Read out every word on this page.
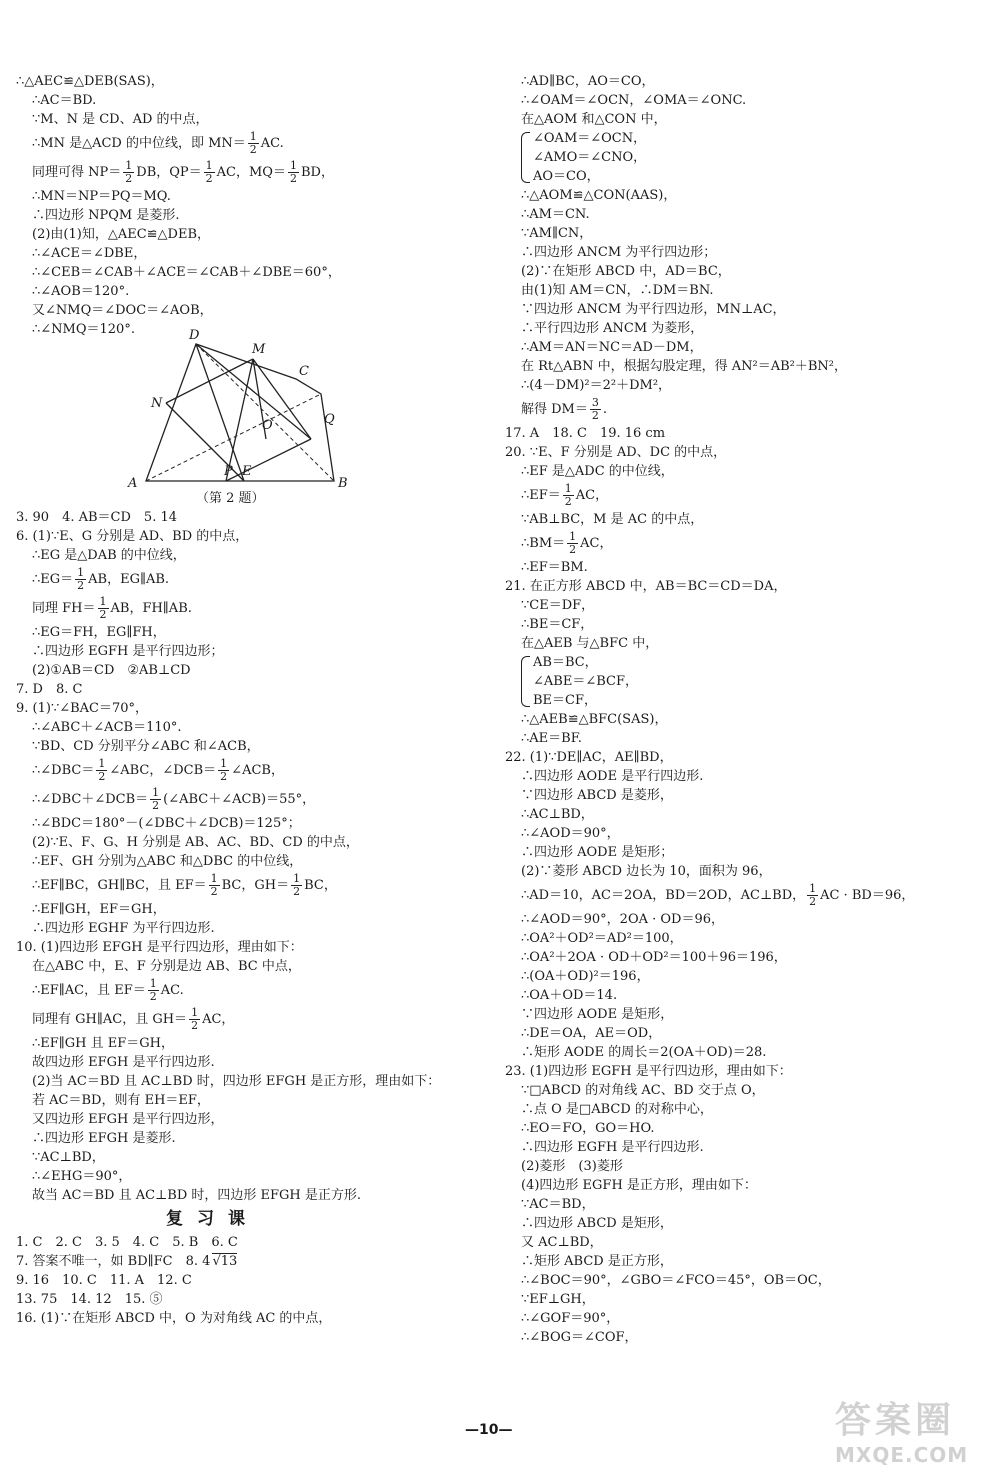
∴△AEC≌△DEB(SAS)，
∴AC＝BD.
∵M、N 是 CD、AD 的中点，
∴MN 是△ACD 的中位线，即 $MN= \frac{1}{2}$ AC.
同理可得 $NP= \frac{1}{2}$ DB，$QP= \frac{1}{2}$ AC，$MQ= \frac{1}{2}$ BD，
∴MN＝NP＝PQ＝MQ.
∴四边形 NPQM 是菱形.
(2)由(1)知，△AEC≌△DEB，
∴∠ACE＝∠DBE，
∴∠CEB＝∠CAB＋∠ACE＝∠CAB＋∠DBE＝60°，
∴∠AOB＝120°.
又∠NMQ＝∠DOC＝∠AOB，
∴∠NMQ＝120°.	D
M
C
N
O	Q
A
P E
B
（第 2 题）
3. 90　4. AB＝CD　5. 14
6. (1)∵E、G 分别是 AD、BD 的中点，
∴EG 是△DAB 的中位线，
∴EG＝ $\frac{1}{2}$ AB，EG∥AB.
同理 $FH= \frac{1}{2}$ AB，FH∥AB.
∴EG＝FH，EG∥FH，
∴四边形 EGFH 是平行四边形；
(2)①AB＝CD　②AB⊥CD
7. D　8. C
9. (1)∵∠BAC＝70°，
∴∠ABC＋∠ACB＝110°.
∵BD、CD 分别平分∠ABC 和∠ACB，
∴∠DBC＝ $\frac{1}{2}$ ∠ABC，∠DCB＝ $\frac{1}{2}$ ∠ACB，
∴∠DBC＋∠DCB＝ $\frac{1}{2}$ (∠ABC＋∠ACB)＝55°，
∴∠BDC＝180°－(∠DBC＋∠DCB)＝125°；
(2)∵E、F、G、H 分别是 AB、AC、BD、CD 的中点，
∴EF、GH 分别为△ABC 和△DBC 的中位线，
∴EF∥BC，GH∥BC，且 $EF= \frac{1}{2}$ BC，$GH= \frac{1}{2}$ BC，
∴EF∥GH，EF＝GH，
∴四边形 EGHF 为平行四边形.
10. (1)四边形 EFGH 是平行四边形，理由如下：
在△ABC 中，E、F 分别是边 AB、BC 中点，
∴EF∥AC，且 $EF= \frac{1}{2}$ AC.
同理有 GH∥AC，且 $GH= \frac{1}{2}$ AC，
∴EF∥GH 且 EF＝GH，
故四边形 EFGH 是平行四边形.
(2)当 AC＝BD 且 AC⊥BD 时，四边形 EFGH 是正方形，理由如下：
若 AC＝BD，则有 EH＝EF，
又四边形 EFGH 是平行四边形，
∴四边形 EFGH 是菱形.
∵AC⊥BD，
∴∠EHG＝90°，
故当 AC＝BD 且 AC⊥BD 时，四边形 EFGH 是正方形.
复习课
1. C　2. C　3. 5　4. C　5. B　6. C
7. 答案不唯一，如 BD∥FC　8. 4 √13
9. 16　10. C　11. A　12. C
13. 75　14. 12　15. ⑤
16. (1)∵在矩形 ABCD 中，O 为对角线 AC 的中点，
∴AD∥BC，AO＝CO，
∴∠OAM＝∠OCN，∠OMA＝∠ONC.
在△AOM 和△CON 中，
∠OAM＝∠OCN，
∠AMO＝∠CNO，
AO＝CO，
∴△AOM≌△CON(AAS)，
∴AM＝CN.
∵AM∥CN，
∴四边形 ANCM 为平行四边形；
(2)∵在矩形 ABCD 中，AD＝BC，
由(1)知 AM＝CN，∴DM＝BN.
∵四边形 ANCM 为平行四边形，MN⊥AC，
∴平行四边形 ANCM 为菱形，
∴AM＝AN＝NC＝AD－DM，
在 Rt△ABN 中，根据勾股定理，得 AN²＝AB²＋BN²，
∴(4－DM)²＝2²＋DM²，
解得 $DM= \frac{3}{2}$ .
17. A　18. C　19. 16 cm
20. ∵E、F 分别是 AD、DC 的中点，
∴EF 是△ADC 的中位线，
∴EF＝ $\frac{1}{2}$ AC，
∵AB⊥BC，M 是 AC 的中点，
∴BM＝ $\frac{1}{2}$ AC，
∴EF＝BM.
21. 在正方形 ABCD 中，AB＝BC＝CD＝DA，
∵CE＝DF，
∴BE＝CF，
在△AEB 与△BFC 中，
AB＝BC，
∠ABE＝∠BCF，
BE＝CF，
∴△AEB≌△BFC(SAS)，
∴AE＝BF.
22. (1)∵DE∥AC，AE∥BD，
∴四边形 AODE 是平行四边形.
∵四边形 ABCD 是菱形，
∴AC⊥BD，
∴∠AOD＝90°，
∴四边形 AODE 是矩形；
(2)∵菱形 ABCD 边长为 10，面积为 96，
∴AD＝10，AC＝2OA，BD＝2OD，AC⊥BD， $\frac{1}{2}$ AC · BD＝96，
∴∠AOD＝90°，2OA · OD＝96，
∴OA²＋OD²＝AD²＝100，
∴OA²＋2OA · OD＋OD²＝100＋96＝196，
∴(OA＋OD)²＝196，
∴OA＋OD＝14.
∵四边形 AODE 是矩形，
∴DE＝OA，AE＝OD，
∴矩形 AODE 的周长＝2(OA＋OD)＝28.
23. (1)四边形 EGFH 是平行四边形，理由如下：
∵□ABCD 的对角线 AC、BD 交于点 O，
∴点 O 是□ABCD 的对称中心，
∴EO＝FO，GO＝HO.
∴四边形 EGFH 是平行四边形.
(2)菱形　(3)菱形
(4)四边形 EGFH 是正方形，理由如下：
∵AC＝BD，
∴四边形 ABCD 是矩形，
又 AC⊥BD，
∴矩形 ABCD 是正方形，
∴∠BOC＝90°，∠GBO＝∠FCO＝45°，OB＝OC，
∵EF⊥GH，
∴∠GOF＝90°，
∴∠BOG＝∠COF，
—10—	答案圈
MXQE.COM
